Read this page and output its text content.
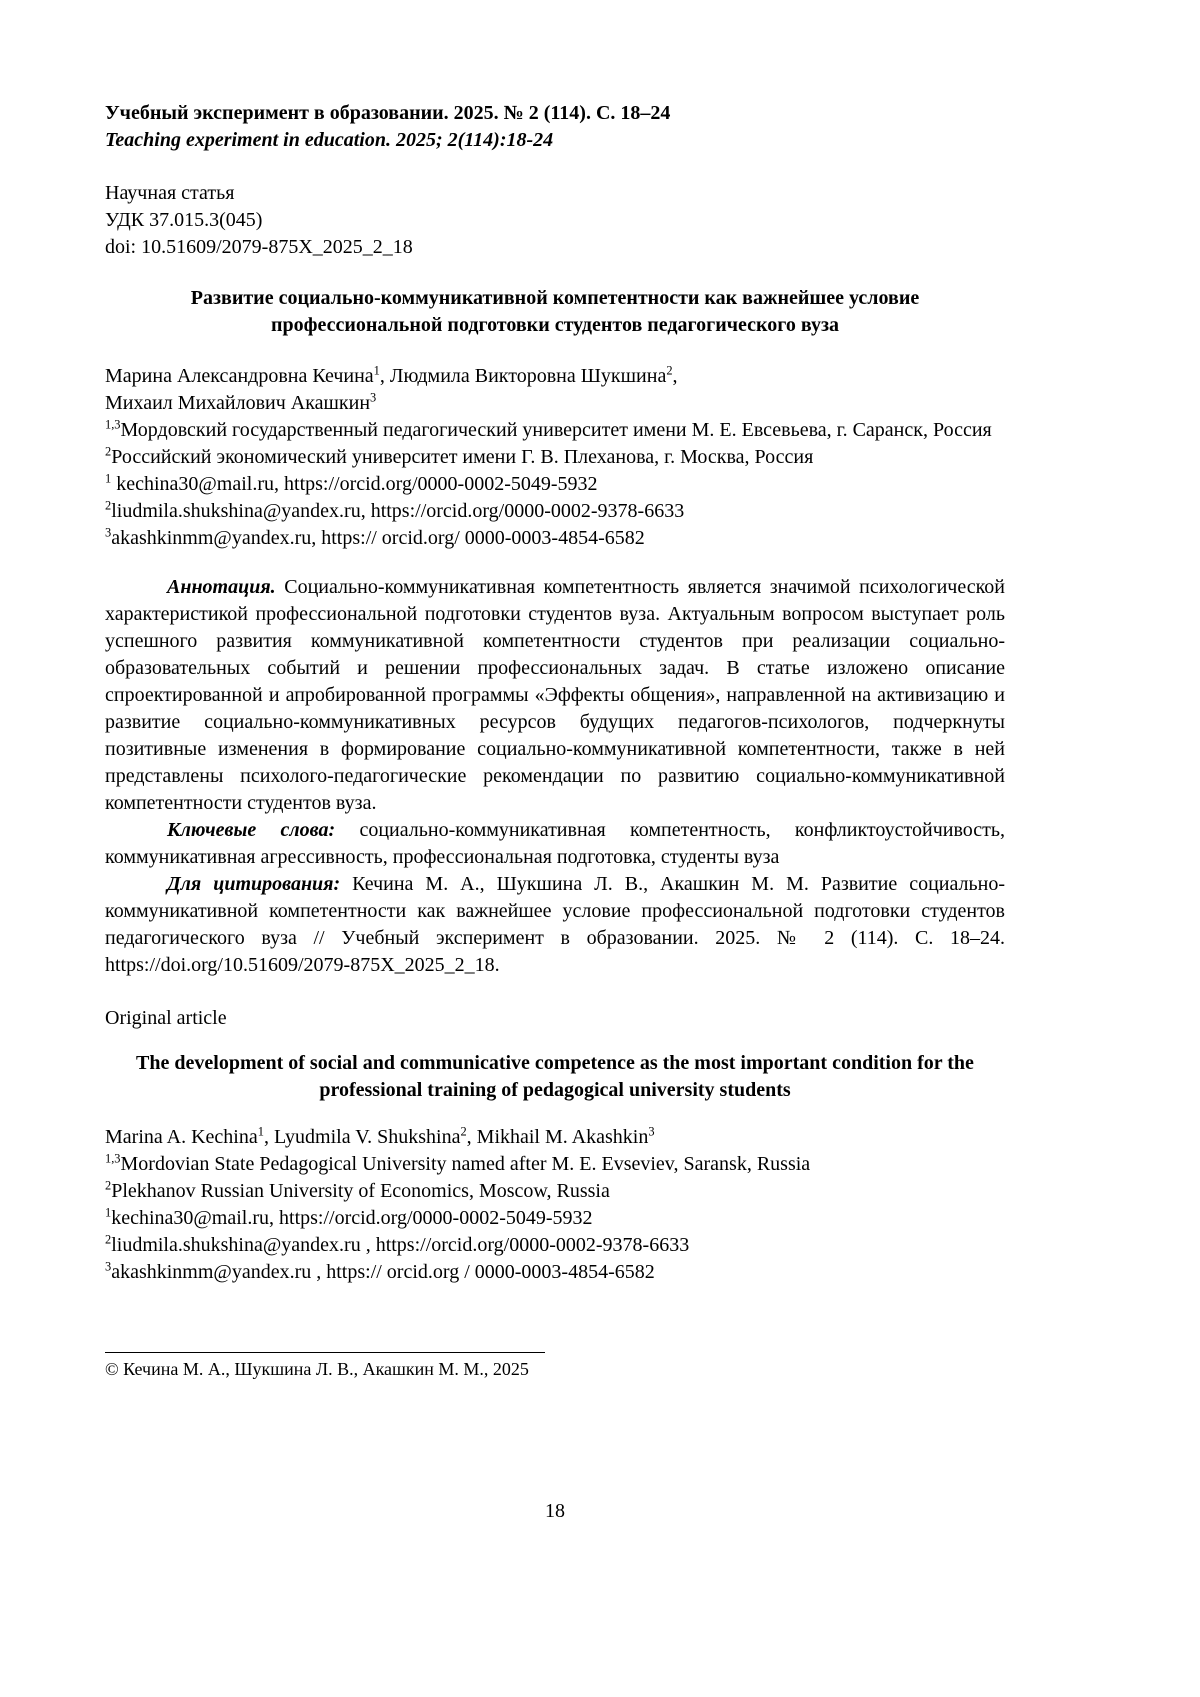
Учебный эксперимент в образовании. 2025. № 2 (114). С. 18–24

Teaching experiment in education. 2025; 2(114):18-24

Научная статья

УДК 37.015.3(045)

doi: 10.51609/2079-875X_2025_2_18

Развитие социально-коммуникативной компетентности как важнейшее условие профессиональной подготовки студентов педагогического вуза

Марина Александровна Кечина$^1$, Людмила Викторовна Шукшина$^2$,

Михаил Михайлович Акашкин$^3$

$^{1,3}$Мордовский государственный педагогический университет имени М. Е. Евсевьева, г. Саранск, Россия

$^2$Российский экономический университет имени Г. В. Плеханова, г. Москва, Россия

$^1$ kechina30@mail.ru, https://orcid.org/0000-0002-5049-5932

$^2$liudmila.shukshina@yandex.ru, https://orcid.org/0000-0002-9378-6633

$^3$akashkinmm@yandex.ru, https:// orcid.org/ 0000-0003-4854-6582

Аннотация. Социально-коммуникативная компетентность является значимой психологической характеристикой профессиональной подготовки студентов вуза. Актуальным вопросом выступает роль успешного развития коммуникативной компетентности студентов при реализации социально-образовательных событий и решении профессиональных задач. В статье изложено описание спроектированной и апробированной программы «Эффекты общения», направленной на активизацию и развитие социально-коммуникативных ресурсов будущих педагогов-психологов, подчеркнуты позитивные изменения в формирование социально-коммуникативной компетентности, также в ней представлены психолого-педагогические рекомендации по развитию социально-коммуникативной компетентности студентов вуза.

Ключевые слова: социально-коммуникативная компетентность, конфликтоустойчивость, коммуникативная агрессивность, профессиональная подготовка, студенты вуза

Для цитирования: Кечина М. А., Шукшина Л. В., Акашкин М. М. Развитие социально-коммуникативной компетентности как важнейшее условие профессиональной подготовки студентов педагогического вуза // Учебный эксперимент в образовании. 2025. № 2 (114). С. 18–24. https://doi.org/10.51609/2079-875X_2025_2_18.

Original article

The development of social and communicative competence as the most important condition for the professional training of pedagogical university students

Marina A. Kechina$^1$, Lyudmila V. Shukshina$^2$, Mikhail M. Akashkin$^3$

$^{1,3}$Mordovian State Pedagogical University named after M. E. Evseviev, Saransk, Russia

$^2$Plekhanov Russian University of Economics, Moscow, Russia

$^1$kechina30@mail.ru, https://orcid.org/0000-0002-5049-5932

$^2$liudmila.shukshina@yandex.ru , https://orcid.org/0000-0002-9378-6633

$^3$akashkinmm@yandex.ru , https:// orcid.org / 0000-0003-4854-6582

© Кечина М. А., Шукшина Л. В., Акашкин М. М., 2025

18
